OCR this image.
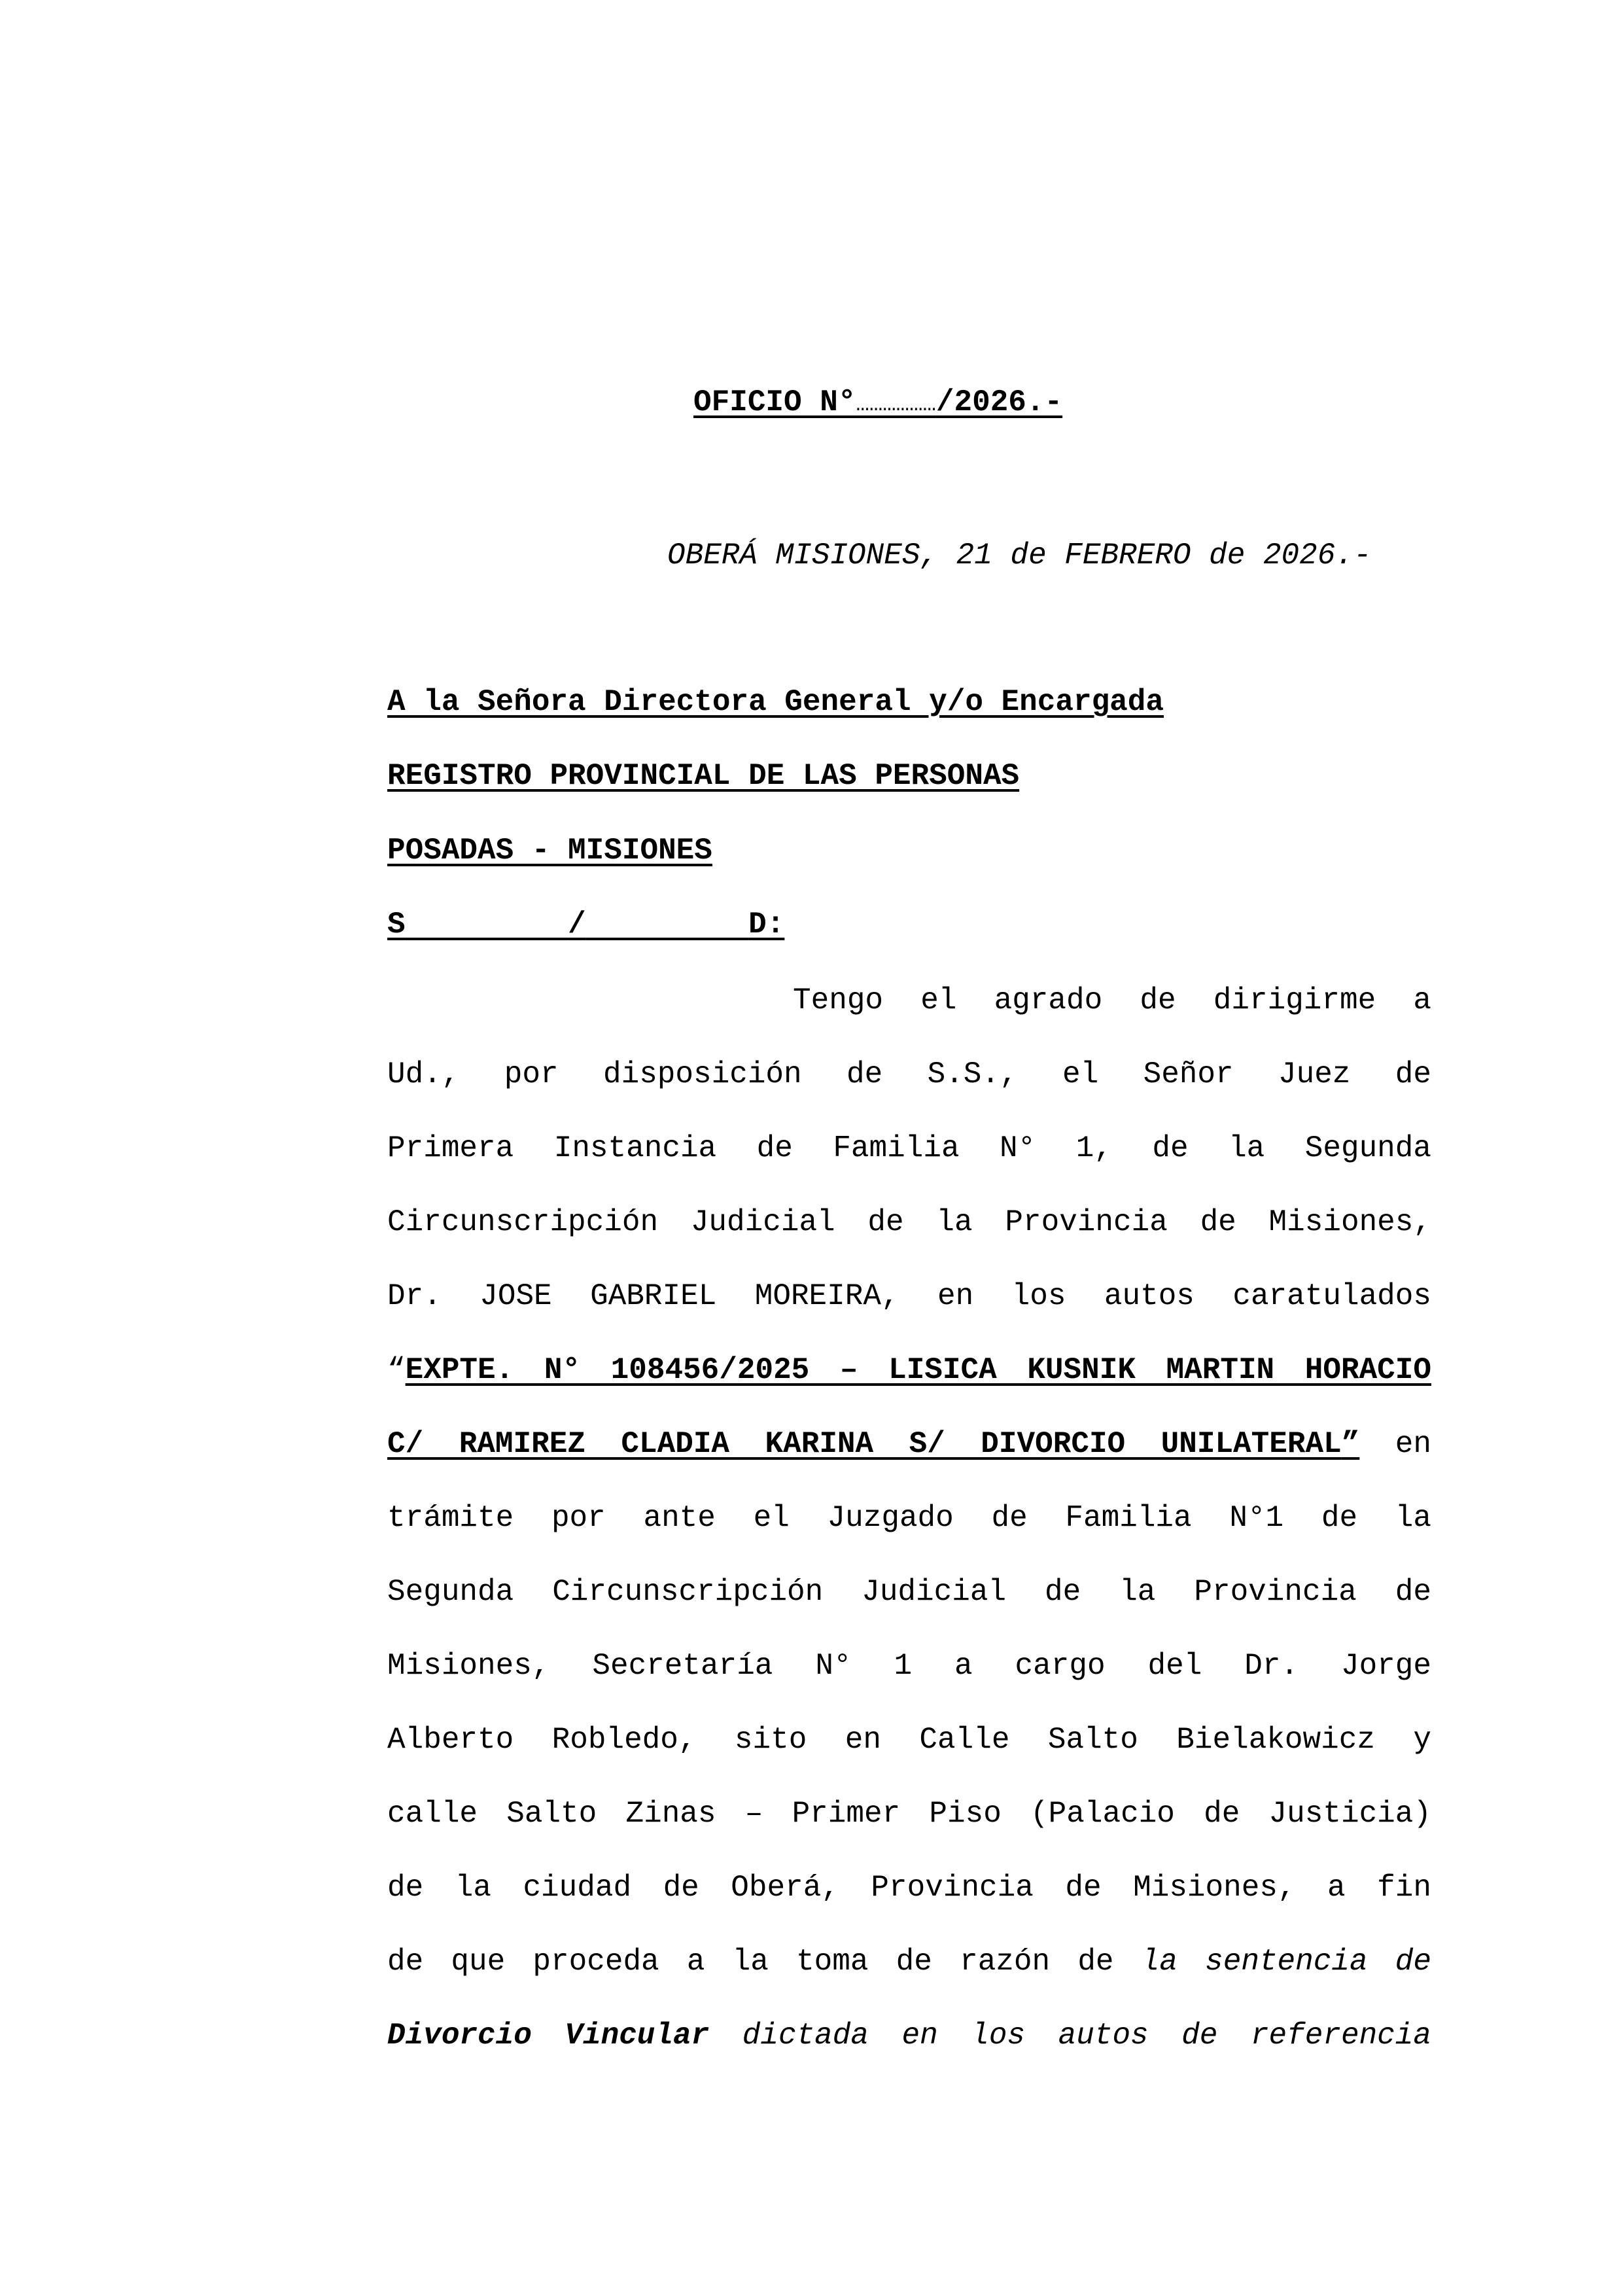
OFICIO N°………………/2026.-
OBERÁ MISIONES, 21 de FEBRERO de 2026.-
A la Señora Directora General y/o Encargada
REGISTRO PROVINCIAL DE LAS PERSONAS
POSADAS - MISIONES
S	/	D:
Tengo el agrado de dirigirme a
Ud., por disposición de S.S., el Señor Juez de
Primera Instancia de Familia N° 1, de la Segunda
Circunscripción Judicial de la Provincia de Misiones,
Dr. JOSE GABRIEL MOREIRA, en los autos caratulados
“EXPTE. N° 108456/2025 – LISICA KUSNIK MARTIN HORACIO
C/ RAMIREZ CLADIA KARINA S/ DIVORCIO UNILATERAL” en
trámite por ante el Juzgado de Familia N°1 de la
Segunda Circunscripción Judicial de la Provincia de
Misiones, Secretaría N° 1 a cargo del Dr. Jorge
Alberto Robledo, sito en Calle Salto Bielakowicz y
calle Salto Zinas – Primer Piso (Palacio de Justicia)
de la ciudad de Oberá, Provincia de Misiones, a fin
de que proceda a la toma de razón de la sentencia de
Divorcio Vincular dictada en los autos de referencia
